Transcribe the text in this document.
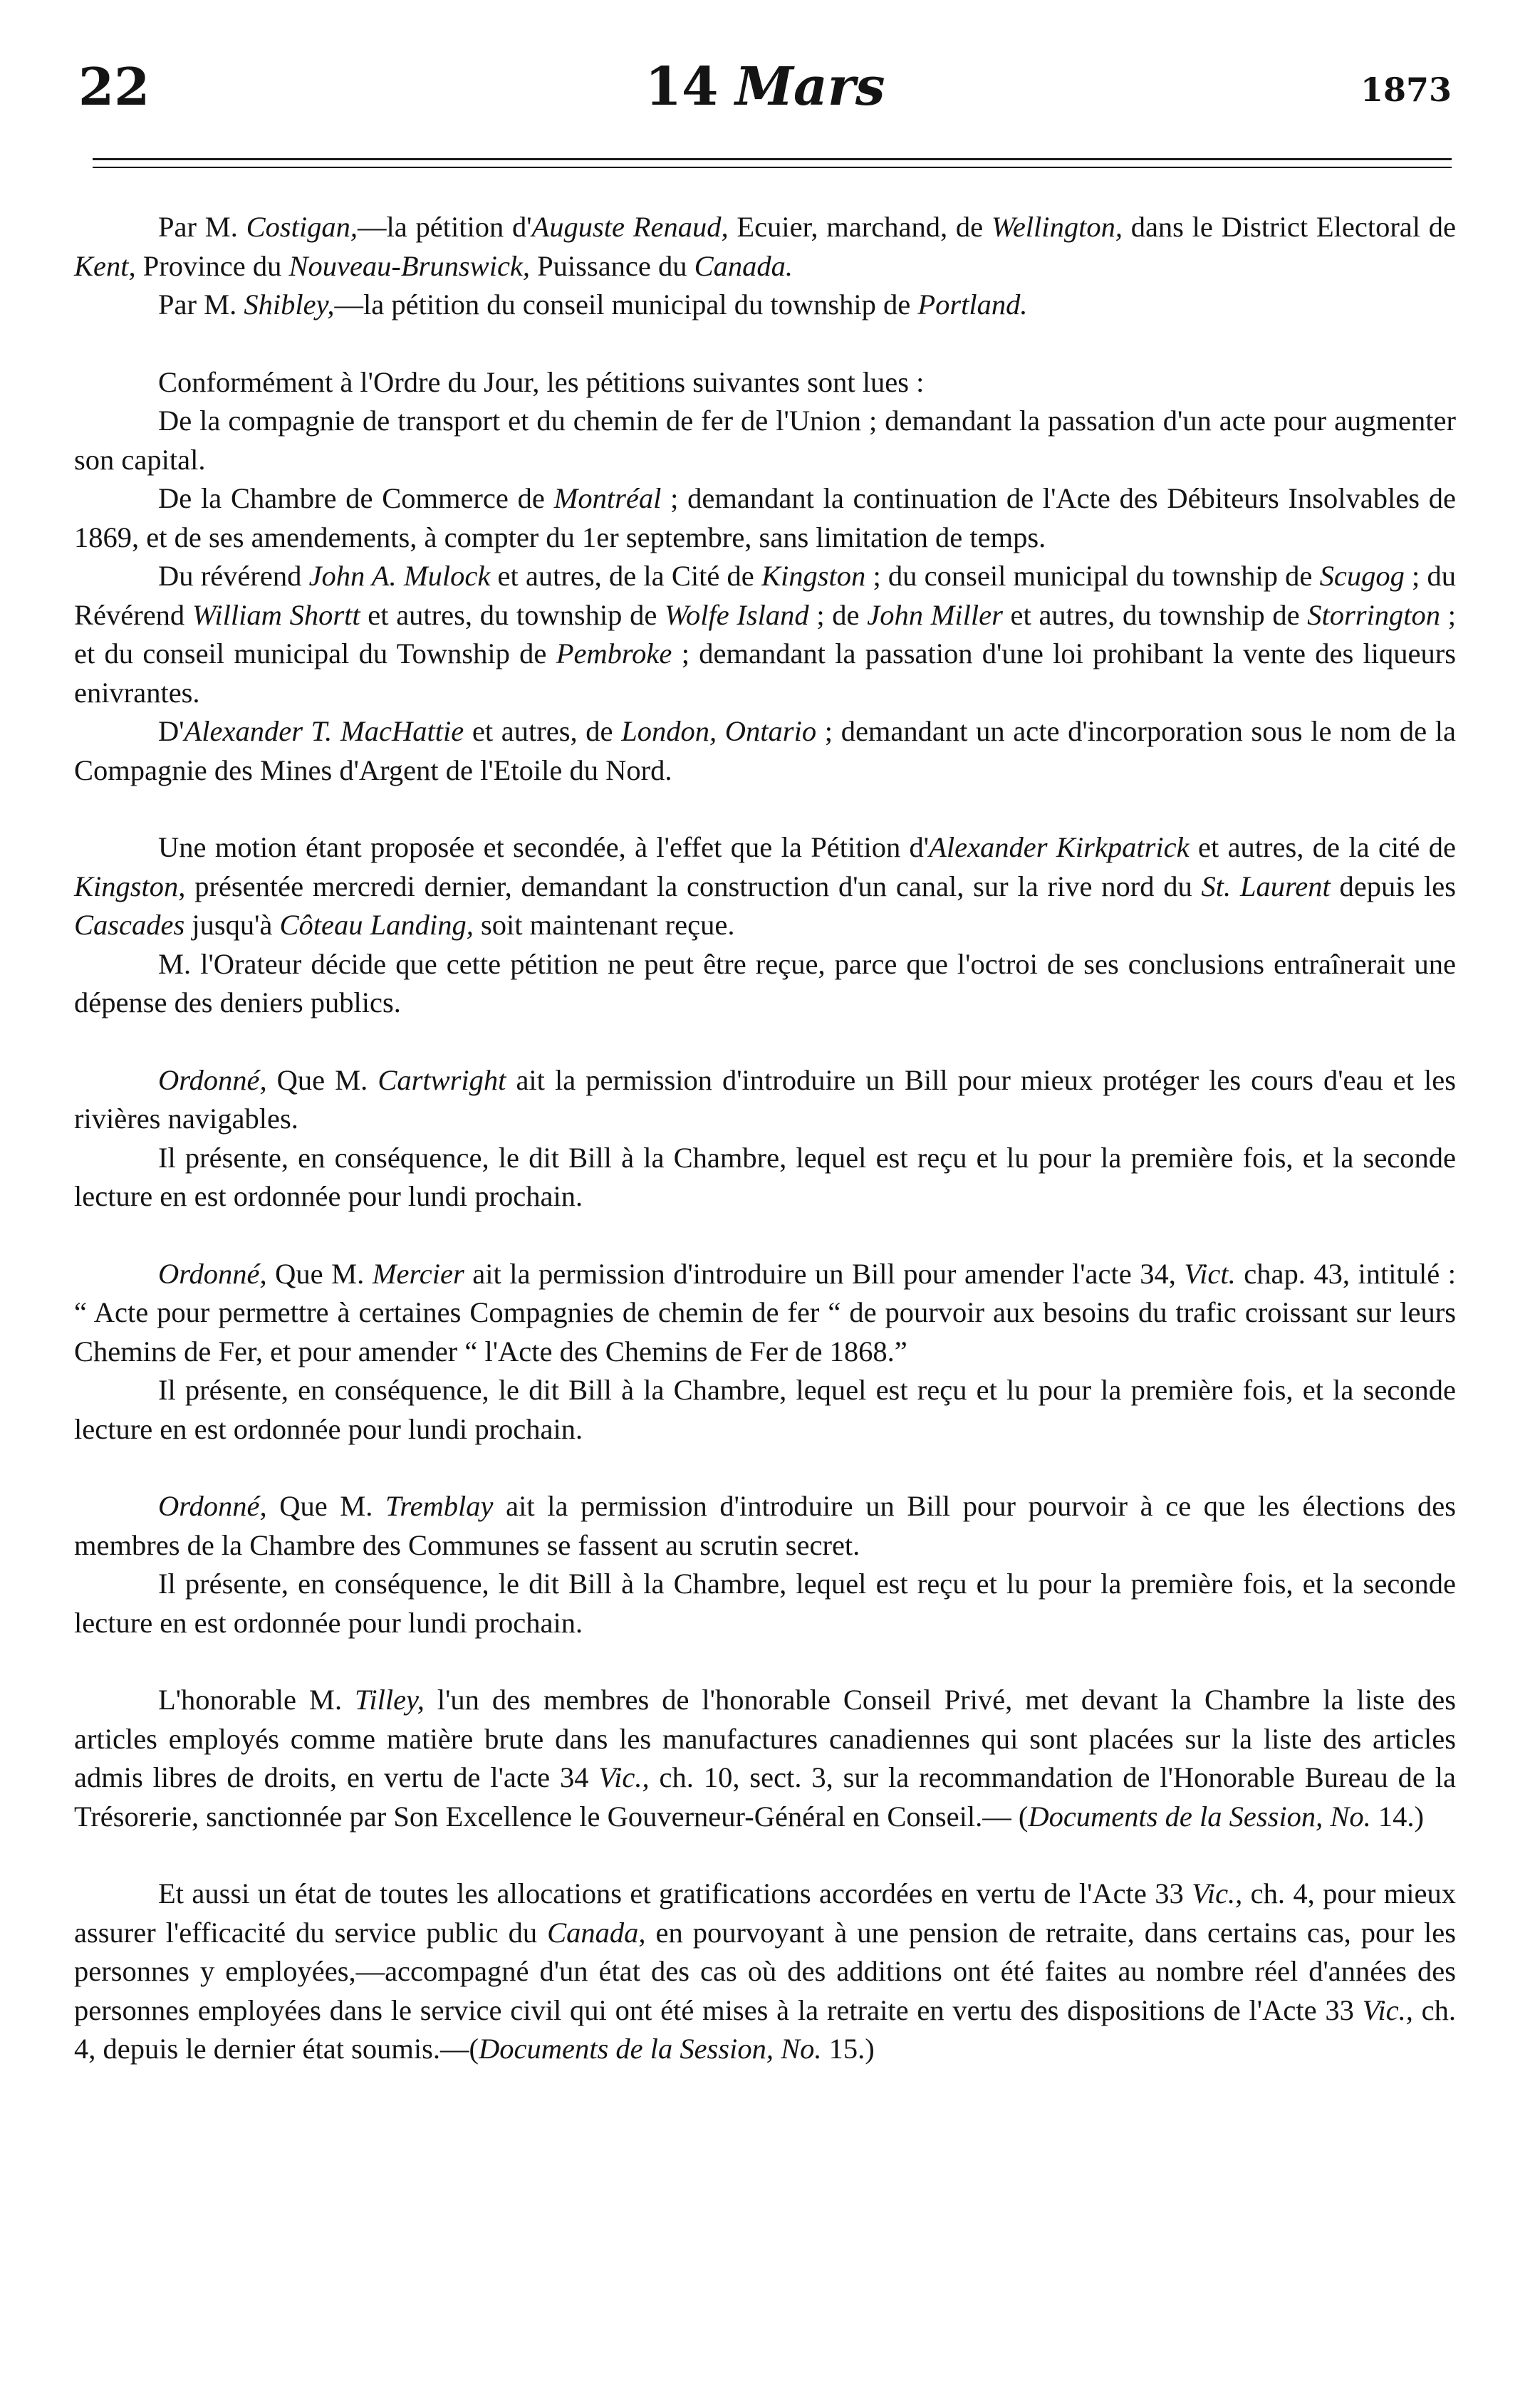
22	14 Mars	1873

Par M. Costigan,—la pétition d'Auguste Renaud, Ecuier, marchand, de Wellington, dans le District Electoral de Kent, Province du Nouveau-Brunswick, Puissance du Canada.

Par M. Shibley,—la pétition du conseil municipal du township de Portland.

Conformément à l'Ordre du Jour, les pétitions suivantes sont lues :

De la compagnie de transport et du chemin de fer de l'Union ; demandant la passation d'un acte pour augmenter son capital.

De la Chambre de Commerce de Montréal ; demandant la continuation de l'Acte des Débiteurs Insolvables de 1869, et de ses amendements, à compter du 1er septembre, sans limitation de temps.

Du révérend John A. Mulock et autres, de la Cité de Kingston ; du conseil municipal du township de Scugog ; du Révérend William Shortt et autres, du township de Wolfe Island ; de John Miller et autres, du township de Storrington ; et du conseil municipal du Township de Pembroke ; demandant la passation d'une loi prohibant la vente des liqueurs enivrantes.

D'Alexander T. MacHattie et autres, de London, Ontario ; demandant un acte d'incorporation sous le nom de la Compagnie des Mines d'Argent de l'Etoile du Nord.

Une motion étant proposée et secondée, à l'effet que la Pétition d'Alexander Kirkpatrick et autres, de la cité de Kingston, présentée mercredi dernier, demandant la construction d'un canal, sur la rive nord du St. Laurent depuis les Cascades jusqu'à Côteau Landing, soit maintenant reçue.

M. l'Orateur décide que cette pétition ne peut être reçue, parce que l'octroi de ses conclusions entraînerait une dépense des deniers publics.

Ordonné, Que M. Cartwright ait la permission d'introduire un Bill pour mieux protéger les cours d'eau et les rivières navigables.

Il présente, en conséquence, le dit Bill à la Chambre, lequel est reçu et lu pour la première fois, et la seconde lecture en est ordonnée pour lundi prochain.

Ordonné, Que M. Mercier ait la permission d'introduire un Bill pour amender l'acte 34, Vict. chap. 43, intitulé : “ Acte pour permettre à certaines Compagnies de chemin de fer “ de pourvoir aux besoins du trafic croissant sur leurs Chemins de Fer, et pour amender “ l'Acte des Chemins de Fer de 1868.”

Il présente, en conséquence, le dit Bill à la Chambre, lequel est reçu et lu pour la première fois, et la seconde lecture en est ordonnée pour lundi prochain.

Ordonné, Que M. Tremblay ait la permission d'introduire un Bill pour pourvoir à ce que les élections des membres de la Chambre des Communes se fassent au scrutin secret.

Il présente, en conséquence, le dit Bill à la Chambre, lequel est reçu et lu pour la première fois, et la seconde lecture en est ordonnée pour lundi prochain.

L'honorable M. Tilley, l'un des membres de l'honorable Conseil Privé, met devant la Chambre la liste des articles employés comme matière brute dans les manufactures canadiennes qui sont placées sur la liste des articles admis libres de droits, en vertu de l'acte 34 Vic., ch. 10, sect. 3, sur la recommandation de l'Honorable Bureau de la Trésorerie, sanctionnée par Son Excellence le Gouverneur-Général en Conseil.— (Documents de la Session, No. 14.)

Et aussi un état de toutes les allocations et gratifications accordées en vertu de l'Acte 33 Vic., ch. 4, pour mieux assurer l'efficacité du service public du Canada, en pourvoyant à une pension de retraite, dans certains cas, pour les personnes y employées,—accompagné d'un état des cas où des additions ont été faites au nombre réel d'années des personnes employées dans le service civil qui ont été mises à la retraite en vertu des dispositions de l'Acte 33 Vic., ch. 4, depuis le dernier état soumis.—(Documents de la Session, No. 15.)
